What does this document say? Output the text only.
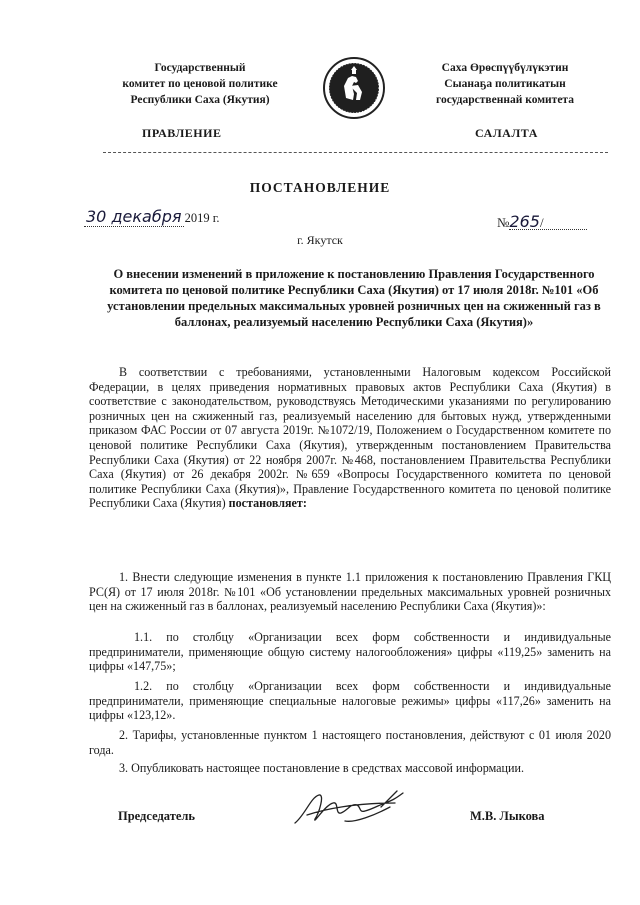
Государственный
комитет по ценовой политике
Республики Саха (Якутия)
Саха Өрөспүүбүлүкэтин
Сыанаҕа политикатын
государственнай комитета
ПРАВЛЕНИЕ	САЛАЛТА
ПОСТАНОВЛЕНИЕ
30 декабря 2019 г.	№265/
г. Якутск
О внесении изменений в приложение к постановлению Правления Государственного комитета по ценовой политике Республики Саха (Якутия) от 17 июля 2018г. №101 «Об установлении предельных максимальных уровней розничных цен на сжиженный газ в баллонах, реализуемый населению Республики Саха (Якутия)»
В соответствии с требованиями, установленными Налоговым кодексом Российской Федерации, в целях приведения нормативных правовых актов Республики Саха (Якутия) в соответствие с законодательством, руководствуясь Методическими указаниями по регулированию розничных цен на сжиженный газ, реализуемый населению для бытовых нужд, утвержденными приказом ФАС России от 07 августа 2019г. №1072/19, Положением о Государственном комитете по ценовой политике Республики Саха (Якутия), утвержденным постановлением Правительства Республики Саха (Якутия) от 22 ноября 2007г. №468, постановлением Правительства Республики Саха (Якутия) от 26 декабря 2002г. №659 «Вопросы Государственного комитета по ценовой политике Республики Саха (Якутия)», Правление Государственного комитета по ценовой политике Республики Саха (Якутия) постановляет:
1. Внести следующие изменения в пункте 1.1 приложения к постановлению Правления ГКЦ РС(Я) от 17 июля 2018г. №101 «Об установлении предельных максимальных уровней розничных цен на сжиженный газ в баллонах, реализуемый населению Республики Саха (Якутия)»:
1.1. по столбцу «Организации всех форм собственности и индивидуальные предприниматели, применяющие общую систему налогообложения» цифры «119,25» заменить на цифры «147,75»;
1.2. по столбцу «Организации всех форм собственности и индивидуальные предприниматели, применяющие специальные налоговые режимы» цифры «117,26» заменить на цифры «123,12».
2. Тарифы, установленные пунктом 1 настоящего постановления, действуют с 01 июля 2020 года.
3. Опубликовать настоящее постановление в средствах массовой информации.
Председатель	М.В. Лыкова
